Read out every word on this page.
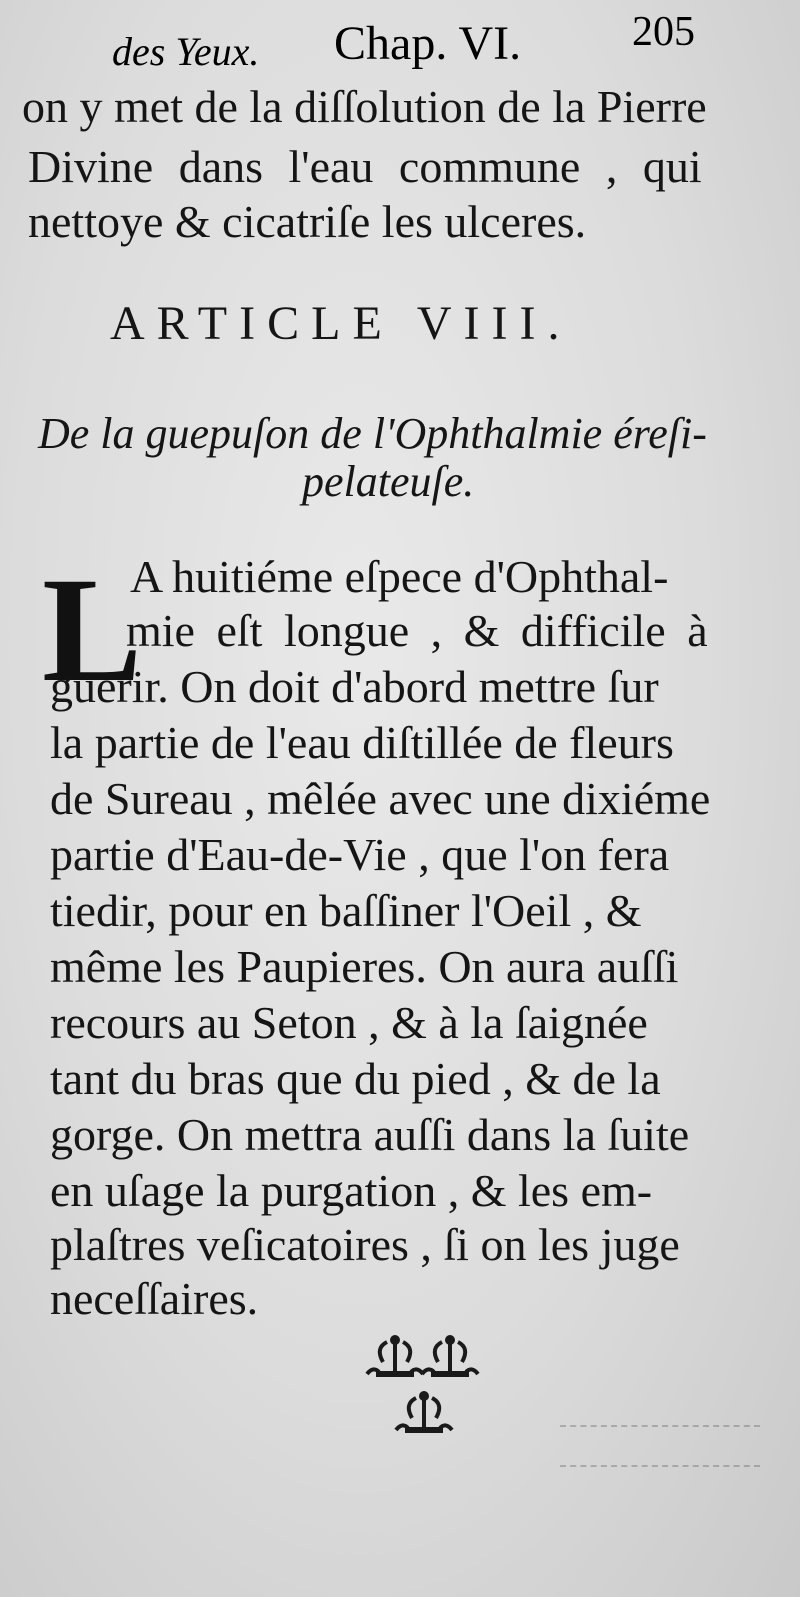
des Yeux. Chap. VI.	205
on y met de la diſſolution de la Pierre
Divine dans l'eau commune , qui
nettoye & cicatriſe les ulceres.
ARTICLE VIII.
De la guериſon de l'Ophthalmie éreſi-
pelateuſe.
L
A huitiéme eſpece d'Ophthal-
mie eſt longue , & difficile à
guerir. On doit d'abord mettre ſur
la partie de l'eau diſtillée de fleurs
de Sureau , mêlée avec une dixiéme
partie d'Eau-de-Vie , que l'on fera
tiedir, pour en baſſiner l'Oeil , &
même les Paupieres. On aura auſſi
recours au Seton , & à la ſaignée
tant du bras que du pied , & de la
gorge. On mettra auſſi dans la ſuite
en uſage la purgation , & les em-
plaſtres veſicatoires , ſi on les juge
neceſſaires.
